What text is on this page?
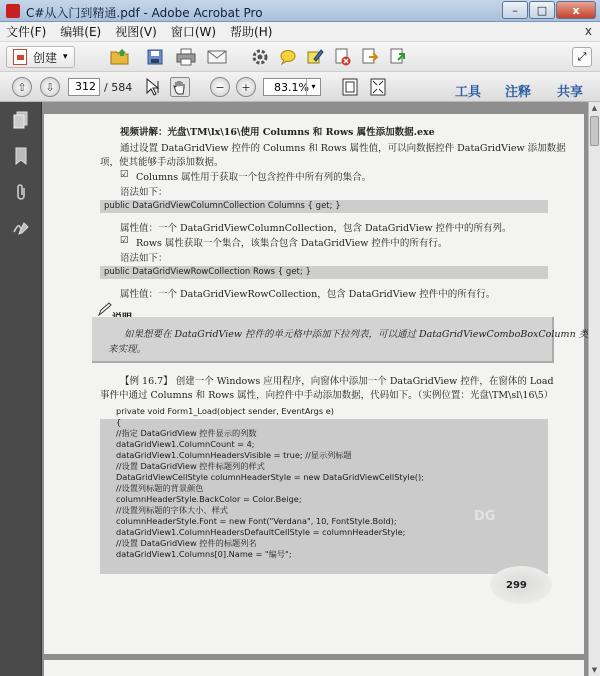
C#从入门到精通.pdf - Adobe Acrobat Pro	–	□	x
文件(F) 编辑(E) 视图(V) 窗口(W) 帮助(H)	x
创建 ▾	⤢
⇧	⇩	312 / 584	−	+	83.1% ▾	工具 注释 共享
视频讲解：光盘\TM\lx\16\使用 Columns 和 Rows 属性添加数据.exe
通过设置 DataGridView 控件的 Columns 和 Rows 属性值，可以向数据控件 DataGridView 添加数据
项，使其能够手动添加数据。
☑ Columns 属性用于获取一个包含控件中所有列的集合。
语法如下：
public DataGridViewColumnCollection Columns { get; }
属性值：一个 DataGridViewColumnCollection，包含 DataGridView 控件中的所有列。
☑ Rows 属性获取一个集合，该集合包含 DataGridView 控件中的所有行。
语法如下：
public DataGridViewRowCollection Rows { get; }
属性值：一个 DataGridViewRowCollection，包含 DataGridView 控件中的所有行。
如果想要在 DataGridView 控件的单元格中添加下拉列表，可以通过 DataGridViewComboBoxColumn 类
来实现。
【例 16.7】 创建一个 Windows 应用程序，向窗体中添加一个 DataGridView 控件，在窗体的 Load
事件中通过 Columns 和 Rows 属性，向控件中手动添加数据，代码如下。（实例位置：光盘\TM\sl\16\5）
private void Form1_Load(object sender, EventArgs e)
{
//指定 DataGridView 控件显示的列数
dataGridView1.ColumnCount = 4;
dataGridView1.ColumnHeadersVisible = true; //显示列标题
//设置 DataGridView 控件标题列的样式
DataGridViewCellStyle columnHeaderStyle = new DataGridViewCellStyle();
//设置列标题的背景颜色
columnHeaderStyle.BackColor = Color.Beige;
//设置列标题的字体大小、样式
columnHeaderStyle.Font = new Font("Verdana", 10, FontStyle.Bold);
dataGridView1.ColumnHeadersDefaultCellStyle = columnHeaderStyle;
//设置 DataGridView 控件的标题列名
dataGridView1.Columns[0].Name = "编号";
DG
299
▲
▼
